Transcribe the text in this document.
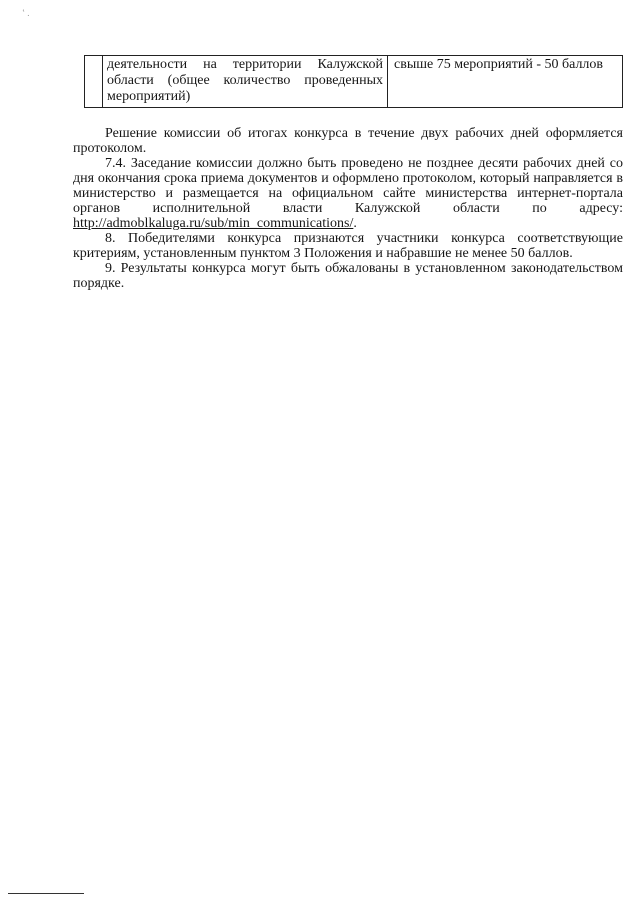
‛ .
	деятельности на территории Калужской области (общее количество проведенных мероприятий)	свыше 75 мероприятий - 50 баллов

Решение комиссии об итогах конкурса в течение двух рабочих дней оформляется протоколом.

7.4. Заседание комиссии должно быть проведено не позднее десяти рабочих дней со дня окончания срока приема документов и оформлено протоколом, который направляется в министерство и размещается на официальном сайте министерства интернет-портала органов исполнительной власти Калужской области по адресу: http://admoblkaluga.ru/sub/min_communications/.

8. Победителями конкурса признаются участники конкурса соответствующие критериям, установленным пунктом 3 Положения и набравшие не менее 50 баллов.

9. Результаты конкурса могут быть обжалованы в установленном законодательством порядке.
